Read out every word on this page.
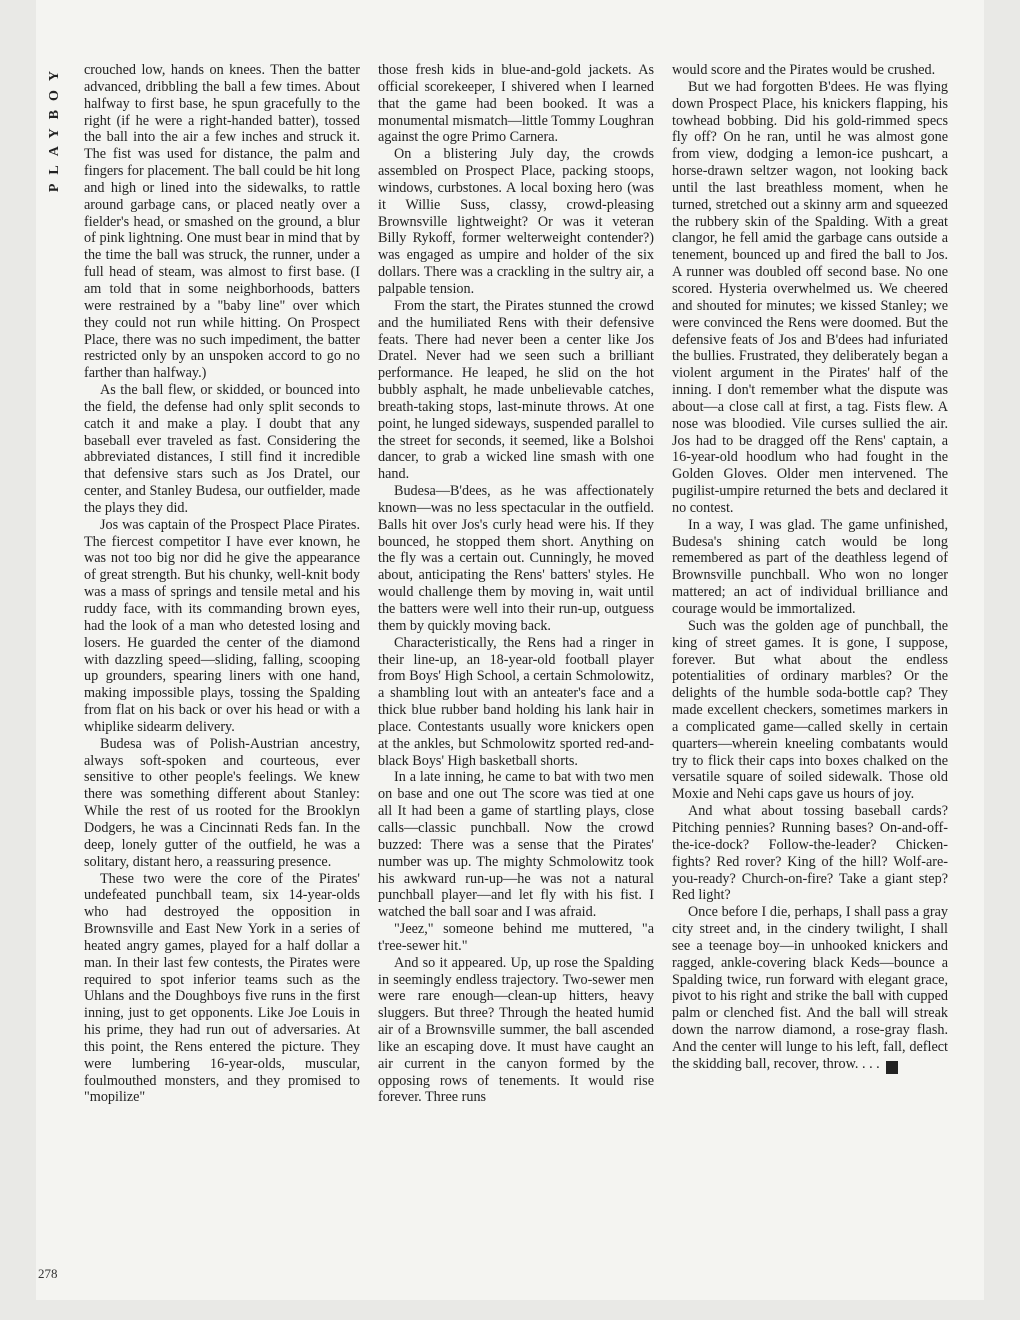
PLAYBOY
278

crouched low, hands on knees. Then the batter advanced, dribbling the ball a few times. About halfway to first base, he spun gracefully to the right (if he were a right-handed batter), tossed the ball into the air a few inches and struck it. The fist was used for distance, the palm and fingers for placement. The ball could be hit long and high or lined into the sidewalks, to rattle around garbage cans, or placed neatly over a fielder's head, or smashed on the ground, a blur of pink lightning. One must bear in mind that by the time the ball was struck, the runner, under a full head of steam, was almost to first base. (I am told that in some neighborhoods, batters were restrained by a "baby line" over which they could not run while hitting. On Prospect Place, there was no such impediment, the batter restricted only by an unspoken accord to go no farther than halfway.)

As the ball flew, or skidded, or bounced into the field, the defense had only split seconds to catch it and make a play. I doubt that any baseball ever traveled as fast. Considering the abbreviated distances, I still find it incredible that defensive stars such as Jos Dratel, our center, and Stanley Budesa, our outfielder, made the plays they did.

Jos was captain of the Prospect Place Pirates. The fiercest competitor I have ever known, he was not too big nor did he give the appearance of great strength. But his chunky, well-knit body was a mass of springs and tensile metal and his ruddy face, with its commanding brown eyes, had the look of a man who detested losing and losers. He guarded the center of the diamond with dazzling speed—sliding, falling, scooping up grounders, spearing liners with one hand, making impossible plays, tossing the Spalding from flat on his back or over his head or with a whiplike sidearm delivery.

Budesa was of Polish-Austrian ancestry, always soft-spoken and courteous, ever sensitive to other people's feelings. We knew there was something different about Stanley: While the rest of us rooted for the Brooklyn Dodgers, he was a Cincinnati Reds fan. In the deep, lonely gutter of the outfield, he was a solitary, distant hero, a reassuring presence.

These two were the core of the Pirates' undefeated punchball team, six 14-year-olds who had destroyed the opposition in Brownsville and East New York in a series of heated angry games, played for a half dollar a man. In their last few contests, the Pirates were required to spot inferior teams such as the Uhlans and the Doughboys five runs in the first inning, just to get opponents. Like Joe Louis in his prime, they had run out of adversaries. At this point, the Rens entered the picture. They were lumbering 16-year-olds, muscular, foulmouthed monsters, and they promised to "mopilize"

those fresh kids in blue-and-gold jackets. As official scorekeeper, I shivered when I learned that the game had been booked. It was a monumental mismatch—little Tommy Loughran against the ogre Primo Carnera.

On a blistering July day, the crowds assembled on Prospect Place, packing stoops, windows, curbstones. A local boxing hero (was it Willie Suss, classy, crowd-pleasing Brownsville lightweight? Or was it veteran Billy Rykoff, former welterweight contender?) was engaged as umpire and holder of the six dollars. There was a crackling in the sultry air, a palpable tension.

From the start, the Pirates stunned the crowd and the humiliated Rens with their defensive feats. There had never been a center like Jos Dratel. Never had we seen such a brilliant performance. He leaped, he slid on the hot bubbly asphalt, he made unbelievable catches, breath-taking stops, last-minute throws. At one point, he lunged sideways, suspended parallel to the street for seconds, it seemed, like a Bolshoi dancer, to grab a wicked line smash with one hand.

Budesa—B'dees, as he was affectionately known—was no less spectacular in the outfield. Balls hit over Jos's curly head were his. If they bounced, he stopped them short. Anything on the fly was a certain out. Cunningly, he moved about, anticipating the Rens' batters' styles. He would challenge them by moving in, wait until the batters were well into their run-up, outguess them by quickly moving back.

Characteristically, the Rens had a ringer in their line-up, an 18-year-old football player from Boys' High School, a certain Schmolowitz, a shambling lout with an anteater's face and a thick blue rubber band holding his lank hair in place. Contestants usually wore knickers open at the ankles, but Schmolowitz sported red-and-black Boys' High basketball shorts.

In a late inning, he came to bat with two men on base and one out The score was tied at one all It had been a game of startling plays, close calls—classic punchball. Now the crowd buzzed: There was a sense that the Pirates' number was up. The mighty Schmolowitz took his awkward run-up—he was not a natural punchball player—and let fly with his fist. I watched the ball soar and I was afraid.

"Jeez," someone behind me muttered, "a t'ree-sewer hit."

And so it appeared. Up, up rose the Spalding in seemingly endless trajectory. Two-sewer men were rare enough—clean-up hitters, heavy sluggers. But three? Through the heated humid air of a Brownsville summer, the ball ascended like an escaping dove. It must have caught an air current in the canyon formed by the opposing rows of tenements. It would rise forever. Three runs

would score and the Pirates would be crushed.

But we had forgotten B'dees. He was flying down Prospect Place, his knickers flapping, his towhead bobbing. Did his gold-rimmed specs fly off? On he ran, until he was almost gone from view, dodging a lemon-ice pushcart, a horse-drawn seltzer wagon, not looking back until the last breathless moment, when he turned, stretched out a skinny arm and squeezed the rubbery skin of the Spalding. With a great clangor, he fell amid the garbage cans outside a tenement, bounced up and fired the ball to Jos. A runner was doubled off second base. No one scored. Hysteria overwhelmed us. We cheered and shouted for minutes; we kissed Stanley; we were convinced the Rens were doomed. But the defensive feats of Jos and B'dees had infuriated the bullies. Frustrated, they deliberately began a violent argument in the Pirates' half of the inning. I don't remember what the dispute was about—a close call at first, a tag. Fists flew. A nose was bloodied. Vile curses sullied the air. Jos had to be dragged off the Rens' captain, a 16-year-old hoodlum who had fought in the Golden Gloves. Older men intervened. The pugilist-umpire returned the bets and declared it no contest.

In a way, I was glad. The game unfinished, Budesa's shining catch would be long remembered as part of the deathless legend of Brownsville punchball. Who won no longer mattered; an act of individual brilliance and courage would be immortalized.

Such was the golden age of punchball, the king of street games. It is gone, I suppose, forever. But what about the endless potentialities of ordinary marbles? Or the delights of the humble soda-bottle cap? They made excellent checkers, sometimes markers in a complicated game—called skelly in certain quarters—wherein kneeling combatants would try to flick their caps into boxes chalked on the versatile square of soiled sidewalk. Those old Moxie and Nehi caps gave us hours of joy.

And what about tossing baseball cards? Pitching pennies? Running bases? On-and-off-the-ice-dock? Follow-the-leader? Chicken-fights? Red rover? King of the hill? Wolf-are-you-ready? Church-on-fire? Take a giant step? Red light?

Once before I die, perhaps, I shall pass a gray city street and, in the cindery twilight, I shall see a teenage boy—in unhooked knickers and ragged, ankle-covering black Keds—bounce a Spalding twice, run forward with elegant grace, pivot to his right and strike the ball with cupped palm or clenched fist. And the ball will streak down the narrow diamond, a rose-gray flash. And the center will lunge to his left, fall, deflect the skidding ball, recover, throw. . . . ♣
